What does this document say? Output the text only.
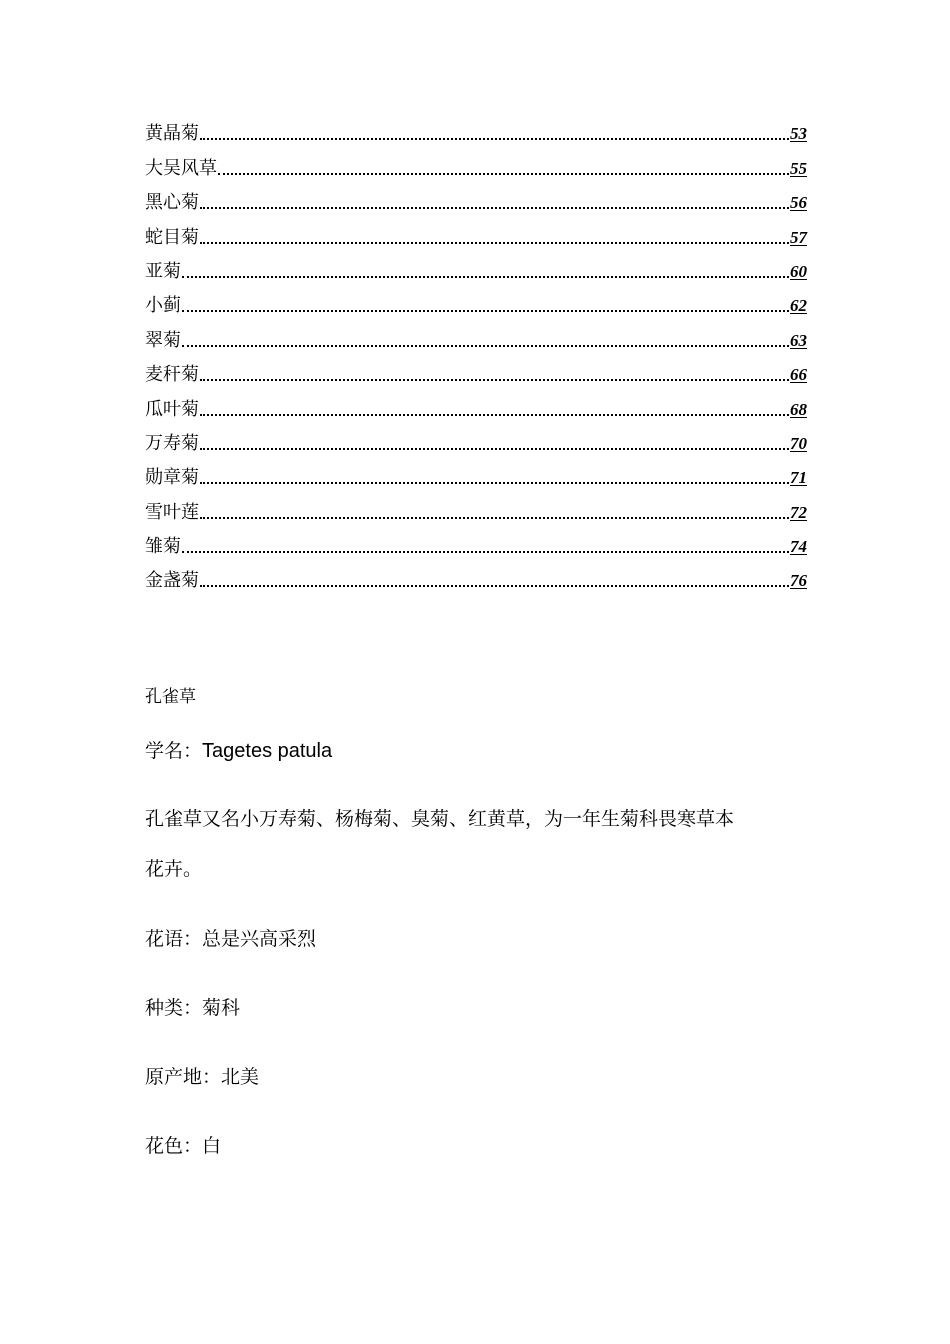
黄晶菊	53
大吴风草	55
黑心菊	56
蛇目菊	57
亚菊	60
小蓟	62
翠菊	63
麦秆菊	66
瓜叶菊	68
万寿菊	70
勋章菊	71
雪叶莲	72
雏菊	74
金盏菊	76
孔雀草
学名：Tagetes patula
孔雀草又名小万寿菊、杨梅菊、臭菊、红黄草，为一年生菊科畏寒草本
花卉。
花语：总是兴高采烈
种类：菊科
原产地：北美
花色：白
